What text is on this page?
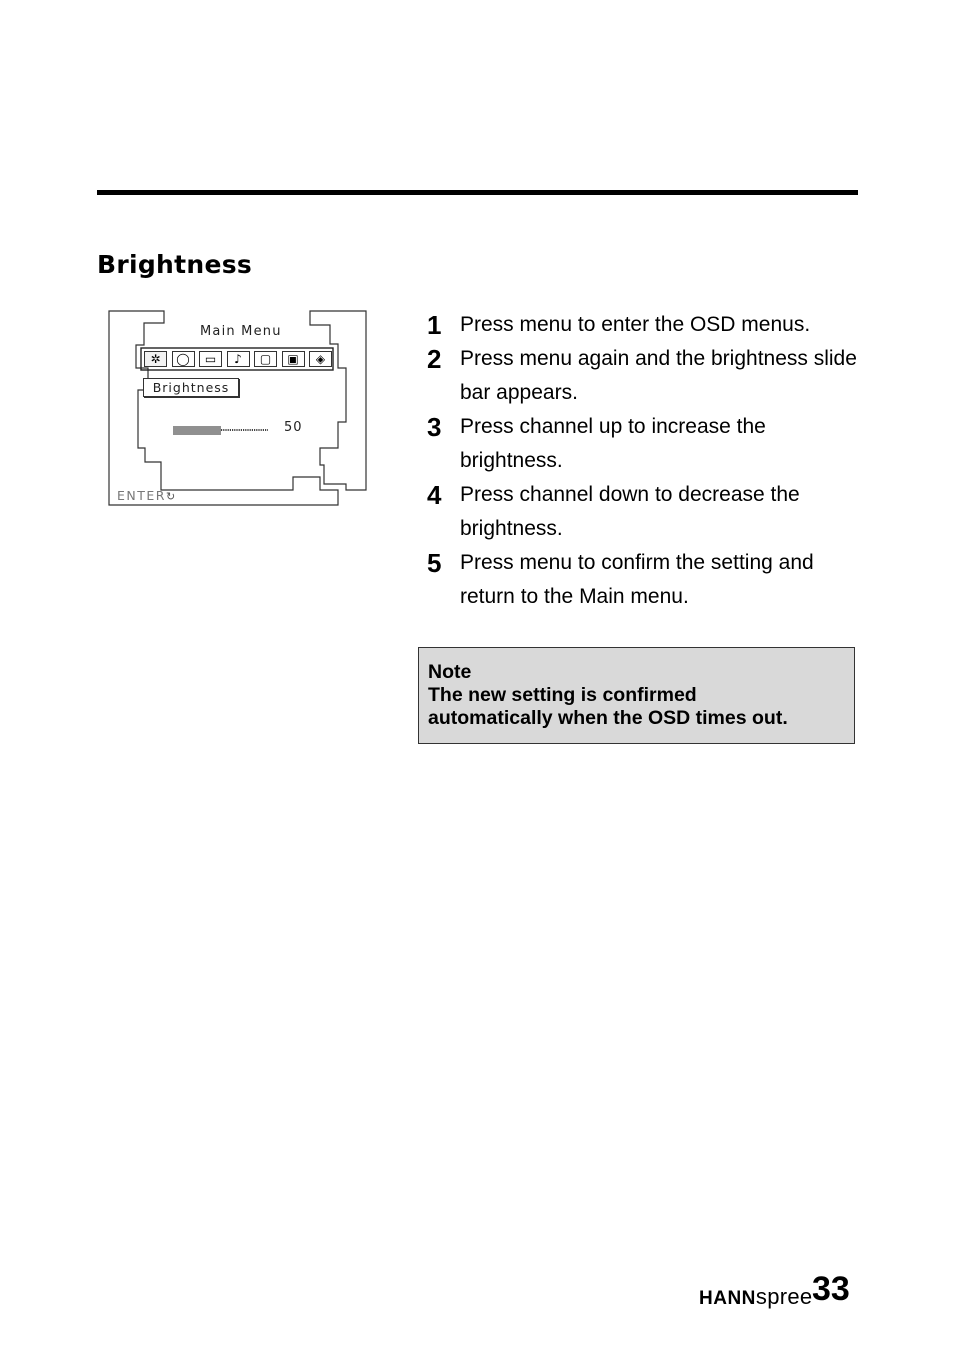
Brightness
✲	◯	▭	♪	▢	▣	◈
Main Menu
Brightness
50
ENTER↻
1 Press menu to enter the OSD menus.
2 Press menu again and the brightness slide bar appears.
3 Press channel up to increase the brightness.
4 Press channel down to decrease the brightness.
5 Press menu to confirm the setting and return to the Main menu.
Note
The new setting is confirmed
automatically when the OSD times out.
HANNspree 33
